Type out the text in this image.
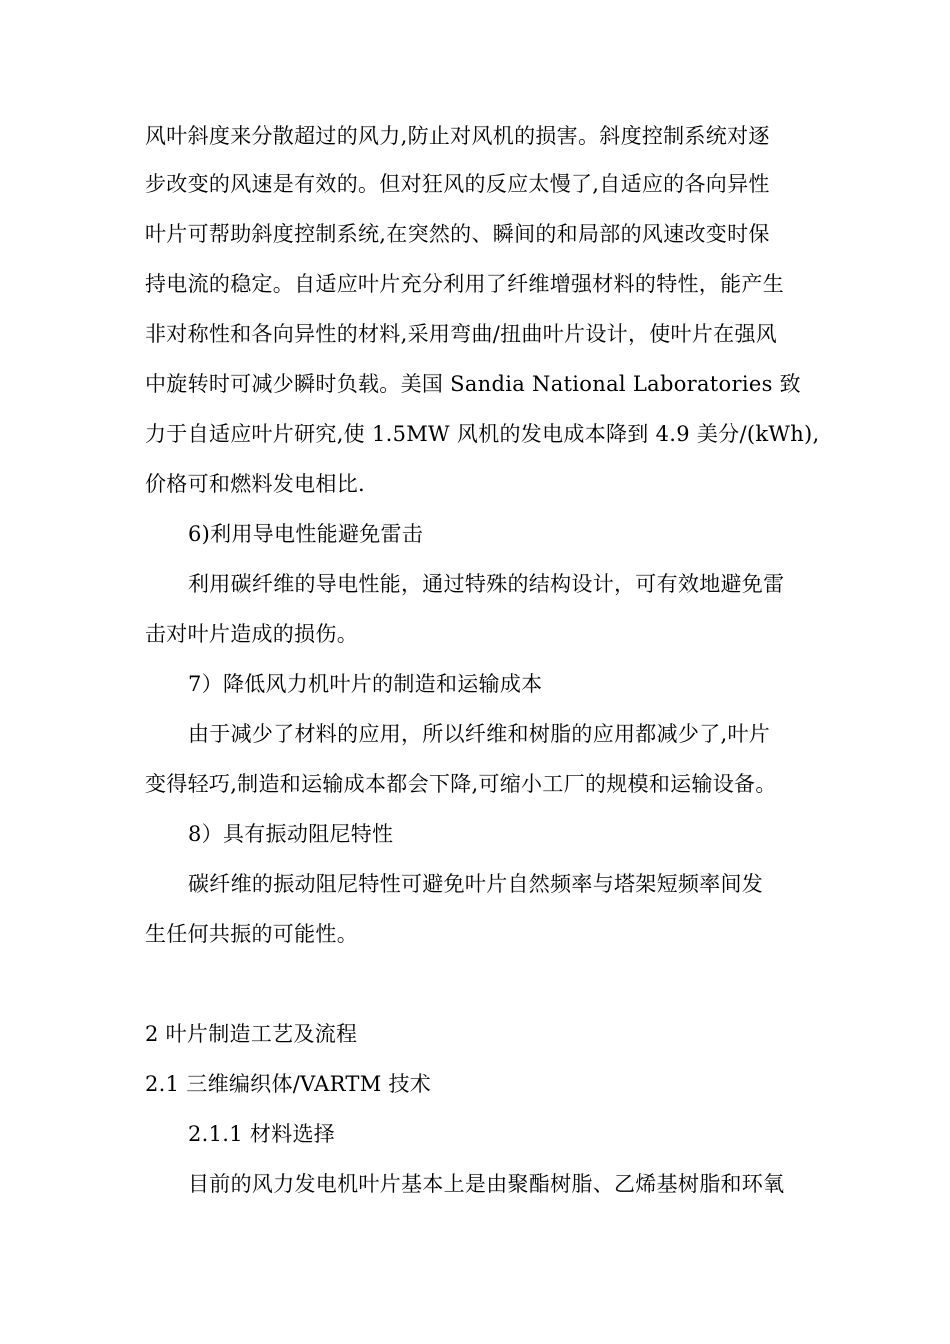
风叶斜度来分散超过的风力,防止对风机的损害。斜度控制系统对逐
步改变的风速是有效的。但对狂风的反应太慢了,自适应的各向异性
叶片可帮助斜度控制系统,在突然的、瞬间的和局部的风速改变时保
持电流的稳定。自适应叶片充分利用了纤维增强材料的特性，能产生
非对称性和各向异性的材料,采用弯曲/扭曲叶片设计，使叶片在强风
中旋转时可减少瞬时负载。美国 Sandia National Laboratories 致
力于自适应叶片研究,使 1.5MW 风机的发电成本降到 4.9 美分/(kWh),
价格可和燃料发电相比.
6)利用导电性能避免雷击
利用碳纤维的导电性能，通过特殊的结构设计，可有效地避免雷
击对叶片造成的损伤。
7）降低风力机叶片的制造和运输成本
由于减少了材料的应用，所以纤维和树脂的应用都减少了,叶片
变得轻巧,制造和运输成本都会下降,可缩小工厂的规模和运输设备。
8）具有振动阻尼特性
碳纤维的振动阻尼特性可避免叶片自然频率与塔架短频率间发
生任何共振的可能性。
2 叶片制造工艺及流程
2.1 三维编织体/VARTM 技术
2.1.1 材料选择
目前的风力发电机叶片基本上是由聚酯树脂、乙烯基树脂和环氧
